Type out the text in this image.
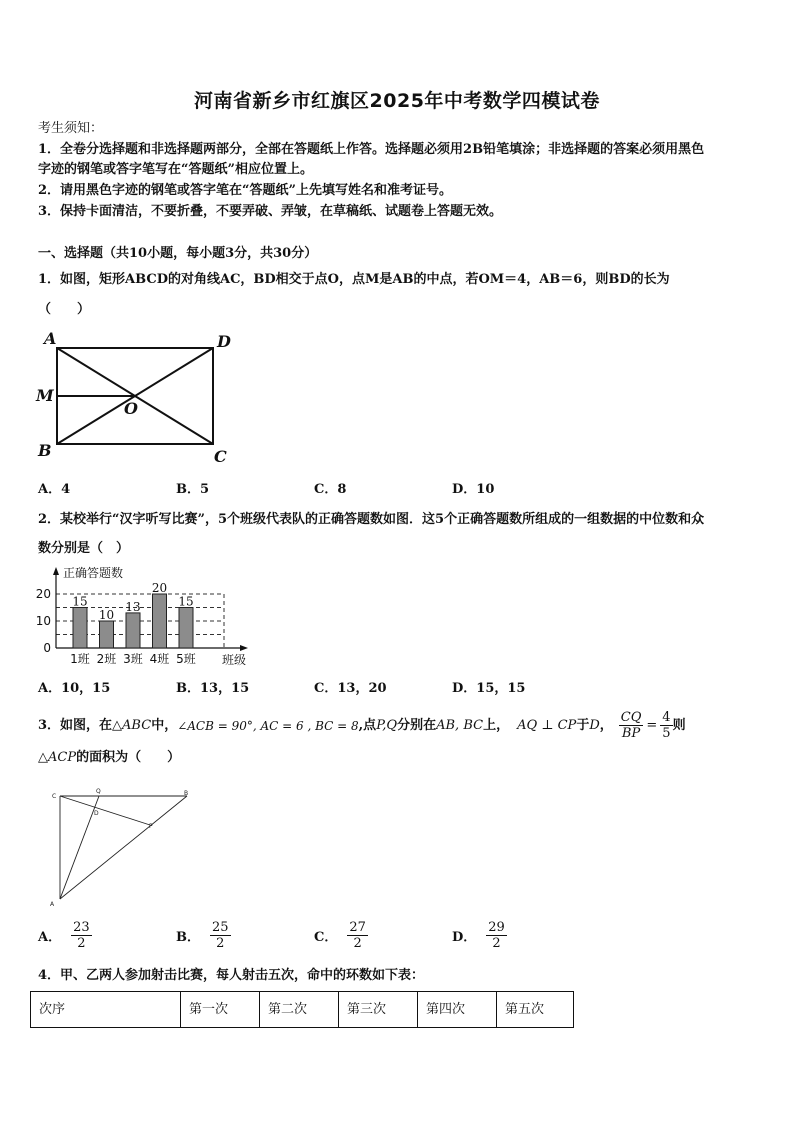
河南省新乡市红旗区2025年中考数学四模试卷
考生须知：
1．全卷分选择题和非选择题两部分，全部在答题纸上作答。选择题必须用2B铅笔填涂；非选择题的答案必须用黑色
字迹的钢笔或答字笔写在“答题纸”相应位置上。
2．请用黑色字迹的钢笔或答字笔在“答题纸”上先填写姓名和准考证号。
3．保持卡面清洁，不要折叠，不要弄破、弄皱，在草稿纸、试题卷上答题无效。
一、选择题（共10小题，每小题3分，共30分）
1．如图，矩形ABCD的对角线AC，BD相交于点O，点M是AB的中点，若OM＝4，AB＝6，则BD的长为
（　　）
A	D
M
O
B	C
A．4	B．5	C．8	D．10
2．某校举行“汉字听写比赛”，5个班级代表队的正确答题数如图．这5个正确答题数所组成的一组数据的中位数和众
数分别是（　）
正确答题数
班级
0
10
20
15
1班
10
2班
13
3班
20
4班
15
5班
A．10，15	B．13，15	C．13，20	D．15，15
3．如图，在 △ABC 中， ∠ACB = 90°, AC = 6 , BC = 8 ,点 P,Q 分别在 AB, BC 上， AQ ⊥ CP 于 D ， $\frac{CQ}{BP} = \frac{4}{5}$ 则
△ACP的面积为（　　）
C
Q	B
D
P
A
A． $\frac{23}{2}$	B． $\frac{25}{2}$	C． $\frac{27}{2}$	D． $\frac{29}{2}$
4．甲、乙两人参加射击比赛，每人射击五次，命中的环数如下表：
次序	第一次	第二次	第三次	第四次	第五次
